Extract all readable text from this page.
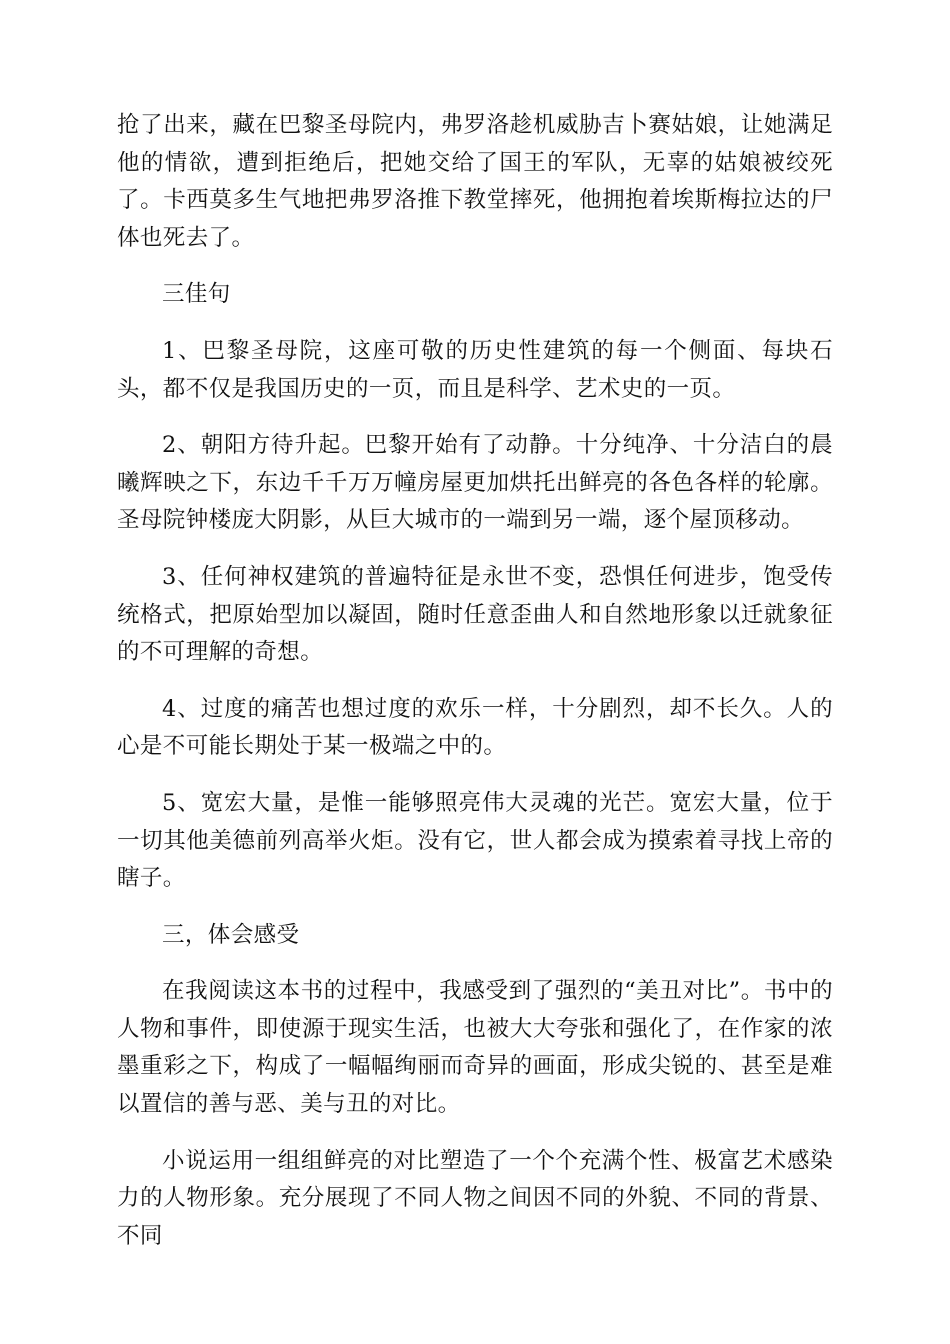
抢了出来，藏在巴黎圣母院内，弗罗洛趁机威胁吉卜赛姑娘，让她满足他的情欲，遭到拒绝后，把她交给了国王的军队，无辜的姑娘被绞死了。卡西莫多生气地把弗罗洛推下教堂摔死，他拥抱着埃斯梅拉达的尸体也死去了。

三佳句

1、巴黎圣母院，这座可敬的历史性建筑的每一个侧面、每块石头，都不仅是我国历史的一页，而且是科学、艺术史的一页。

2、朝阳方待升起。巴黎开始有了动静。十分纯净、十分洁白的晨曦辉映之下，东边千千万万幢房屋更加烘托出鲜亮的各色各样的轮廓。圣母院钟楼庞大阴影，从巨大城市的一端到另一端，逐个屋顶移动。

3、任何神权建筑的普遍特征是永世不变，恐惧任何进步，饱受传统格式，把原始型加以凝固，随时任意歪曲人和自然地形象以迁就象征的不可理解的奇想。

4、过度的痛苦也想过度的欢乐一样，十分剧烈，却不长久。人的心是不可能长期处于某一极端之中的。

5、宽宏大量，是惟一能够照亮伟大灵魂的光芒。宽宏大量，位于一切其他美德前列高举火炬。没有它，世人都会成为摸索着寻找上帝的瞎子。

三，体会感受

在我阅读这本书的过程中，我感受到了强烈的“美丑对比”。书中的人物和事件，即使源于现实生活，也被大大夸张和强化了，在作家的浓墨重彩之下，构成了一幅幅绚丽而奇异的画面，形成尖锐的、甚至是难以置信的善与恶、美与丑的对比。

小说运用一组组鲜亮的对比塑造了一个个充满个性、极富艺术感染力的人物形象。充分展现了不同人物之间因不同的外貌、不同的背景、不同
